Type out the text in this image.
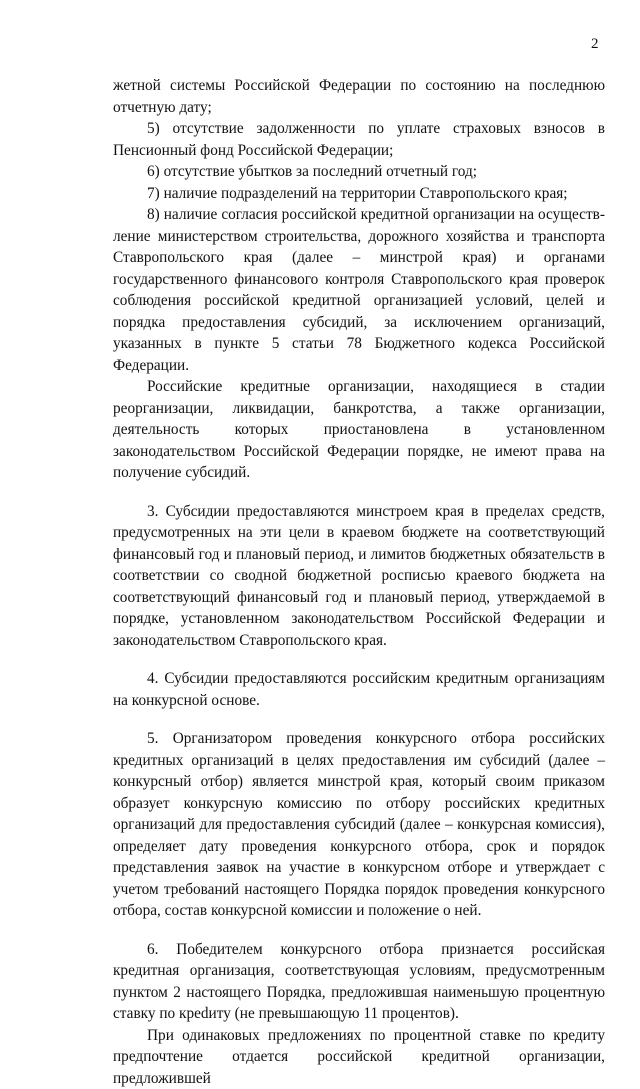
2

жетной системы Российской Федерации по состоянию на последнюю отчетную дату;

5) отсутствие задолженности по уплате страховых взносов в Пенсионный фонд Российской Федерации;

6) отсутствие убытков за последний отчетный год;

7) наличие подразделений на территории Ставропольского края;

8) наличие согласия российской кредитной организации на осуществление министерством строительства, дорожного хозяйства и транспорта Ставропольского края (далее – минстрой края) и органами государственного финансового контроля Ставропольского края проверок соблюдения российской кредитной организацией условий, целей и порядка предоставления субсидий, за исключением организаций, указанных в пункте 5 статьи 78 Бюджетного кодекса Российской Федерации.

Российские кредитные организации, находящиеся в стадии реорганизации, ликвидации, банкротства, а также организации, деятельность которых приостановлена в установленном законодательством Российской Федерации порядке, не имеют права на получение субсидий.

3. Субсидии предоставляются минстроем края в пределах средств, предусмотренных на эти цели в краевом бюджете на соответствующий финансовый год и плановый период, и лимитов бюджетных обязательств в соответствии со сводной бюджетной росписью краевого бюджета на соответствующий финансовый год и плановый период, утверждаемой в порядке, установленном законодательством Российской Федерации и законодательством Ставропольского края.

4. Субсидии предоставляются российским кредитным организациям на конкурсной основе.

5. Организатором проведения конкурсного отбора российских кредитных организаций в целях предоставления им субсидий (далее – конкурсный отбор) является минстрой края, который своим приказом образует конкурсную комиссию по отбору российских кредитных организаций для предоставления субсидий (далее – конкурсная комиссия), определяет дату проведения конкурсного отбора, срок и порядок представления заявок на участие в конкурсном отборе и утверждает с учетом требований настоящего Порядка порядок проведения конкурсного отбора, состав конкурсной комиссии и положение о ней.

6. Победителем конкурсного отбора признается российская кредитная организация, соответствующая условиям, предусмотренным пунктом 2 настоящего Порядка, предложившая наименьшую процентную ставку по креdиту (не превышающую 11 процентов).

При одинаковых предложениях по процентной ставке по кредиту предпочтение отдается российской кредитной организации, предложившей
